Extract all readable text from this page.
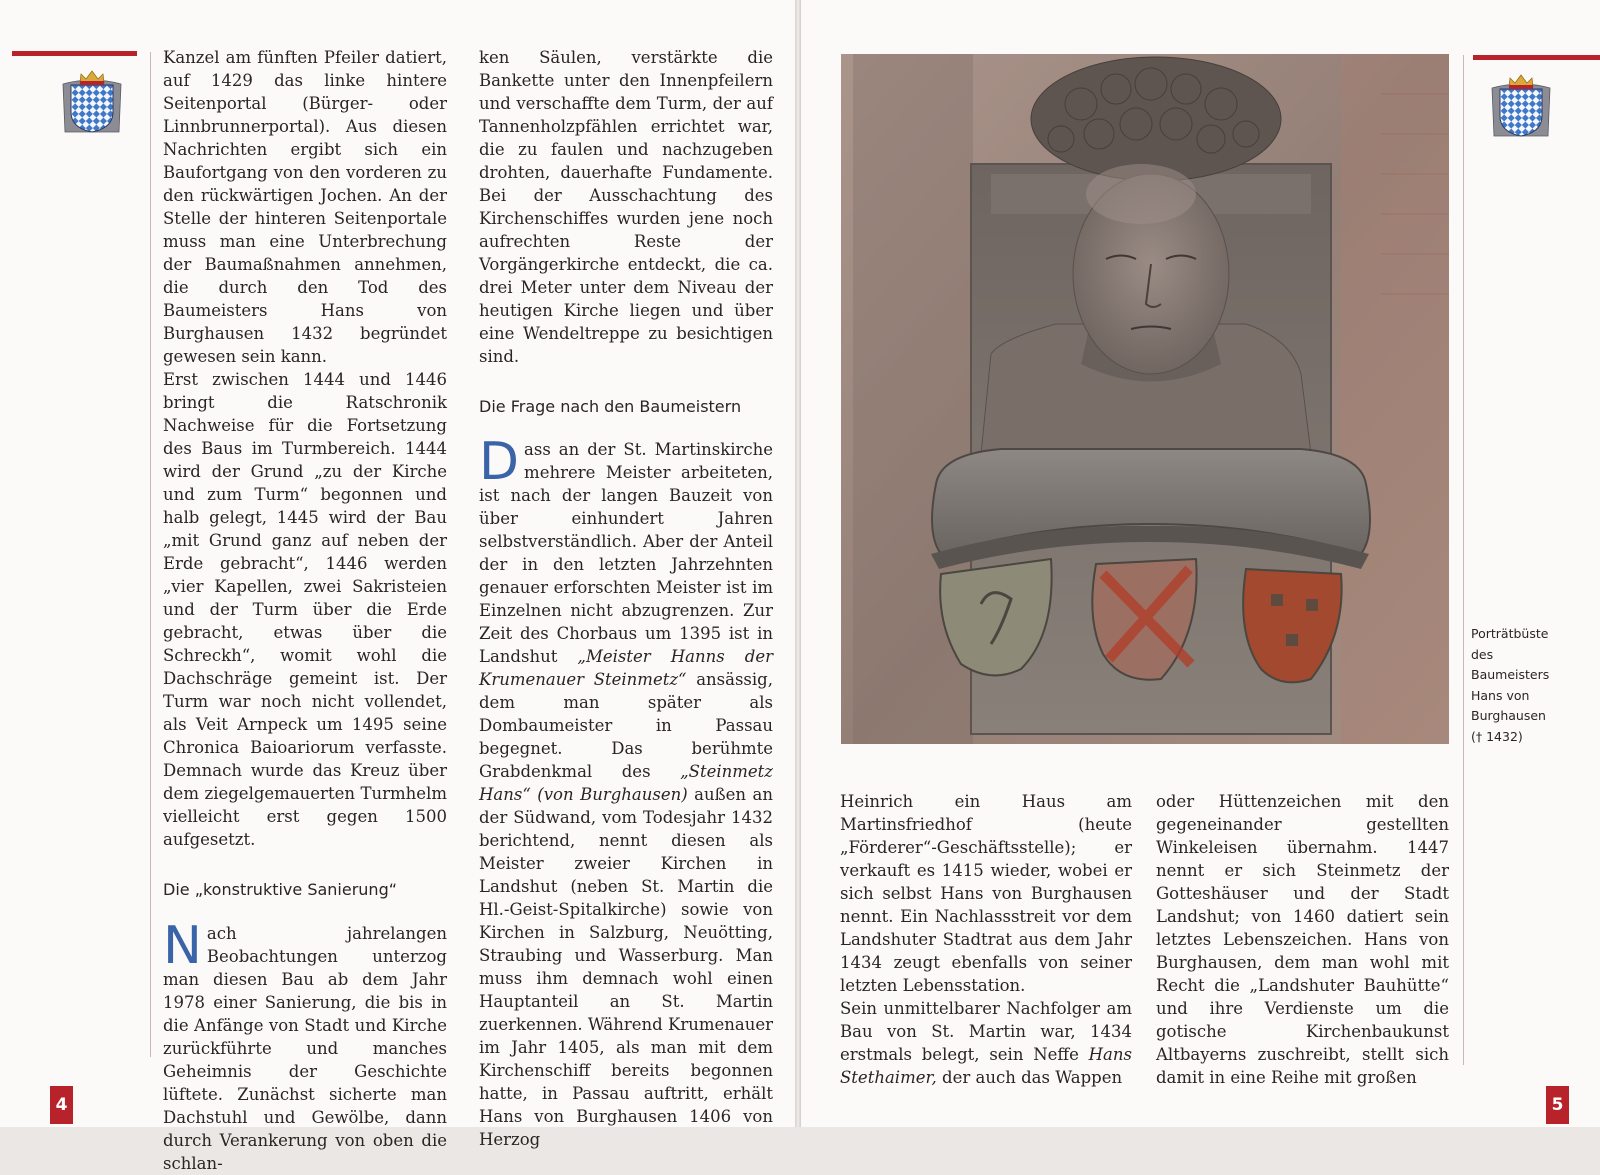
Kanzel am fünften Pfeiler datiert, auf 1429 das linke hintere Seitenportal (Bürger- oder Linnbrunnerportal). Aus diesen Nachrichten ergibt sich ein Baufortgang von den vorderen zu den rückwärtigen Jochen. An der Stelle der hinteren Seitenportale muss man eine Unterbrechung der Baumaßnahmen annehmen, die durch den Tod des Baumeisters Hans von Burghausen 1432 begründet gewesen sein kann.

Erst zwischen 1444 und 1446 bringt die Ratschronik Nachweise für die Fortsetzung des Baus im Turmbereich. 1444 wird der Grund „zu der Kirche und zum Turm“ begonnen und halb gelegt, 1445 wird der Bau „mit Grund ganz auf neben der Erde gebracht“, 1446 werden „vier Kapellen, zwei Sakristeien und der Turm über die Erde gebracht, etwas über die Schreckh“, womit wohl die Dachschräge gemeint ist. Der Turm war noch nicht vollendet, als Veit Arnpeck um 1495 seine Chronica Baioariorum verfasste. Demnach wurde das Kreuz über dem ziegelgemauerten Turmhelm vielleicht erst gegen 1500 aufgesetzt.

Die „konstruktive Sanierung“

Nach jahrelangen Beobachtungen unterzog man diesen Bau ab dem Jahr 1978 einer Sanierung, die bis in die Anfänge von Stadt und Kirche zurückführte und manches Geheimnis der Geschichte lüftete. Zunächst sicherte man Dachstuhl und Gewölbe, dann durch Verankerung von oben die schlan-

ken Säulen, verstärkte die Bankette unter den Innenpfeilern und verschaffte dem Turm, der auf Tannenholzpfählen errichtet war, die zu faulen und nachzugeben drohten, dauerhafte Fundamente. Bei der Ausschachtung des Kirchenschiffes wurden jene noch aufrechten Reste der Vorgängerkirche entdeckt, die ca. drei Meter unter dem Niveau der heutigen Kirche liegen und über eine Wendeltreppe zu besichtigen sind.

Die Frage nach den Baumeistern

Dass an der St. Martinskirche mehrere Meister arbeiteten, ist nach der langen Bauzeit von über einhundert Jahren selbstverständlich. Aber der Anteil der in den letzten Jahrzehnten genauer erforschten Meister ist im Einzelnen nicht abzugrenzen. Zur Zeit des Chorbaus um 1395 ist in Landshut „Meister Hanns der Krumenauer Steinmetz“ ansässig, dem man später als Dombaumeister in Passau begegnet. Das berühmte Grabdenkmal des „Steinmetz Hans“ (von Burghausen) außen an der Südwand, vom Todesjahr 1432 berichtend, nennt diesen als Meister zweier Kirchen in Landshut (neben St. Martin die Hl.-Geist-Spitalkirche) sowie von Kirchen in Salzburg, Neuötting, Straubing und Wasserburg. Man muss ihm demnach wohl einen Hauptanteil an St. Martin zuerkennen. Während Krumenauer im Jahr 1405, als man mit dem Kirchenschiff bereits begonnen hatte, in Passau auftritt, erhält Hans von Burghausen 1406 von Herzog

4
Porträtbüste des Baumeisters Hans von Burghausen († 1432)

Heinrich ein Haus am Martinsfriedhof (heute „Förderer“-Geschäftsstelle); er verkauft es 1415 wieder, wobei er sich selbst Hans von Burghausen nennt. Ein Nachlassstreit vor dem Landshuter Stadtrat aus dem Jahr 1434 zeugt ebenfalls von seiner letzten Lebensstation.

Sein unmittelbarer Nachfolger am Bau von St. Martin war, 1434 erstmals belegt, sein Neffe Hans Stethaimer, der auch das Wappen

oder Hüttenzeichen mit den gegeneinander gestellten Winkeleisen übernahm. 1447 nennt er sich Steinmetz der Gotteshäuser und der Stadt Landshut; von 1460 datiert sein letztes Lebenszeichen. Hans von Burghausen, dem man wohl mit Recht die „Landshuter Bauhütte“ und ihre Verdienste um die gotische Kirchenbaukunst Altbayerns zuschreibt, stellt sich damit in eine Reihe mit großen

5
